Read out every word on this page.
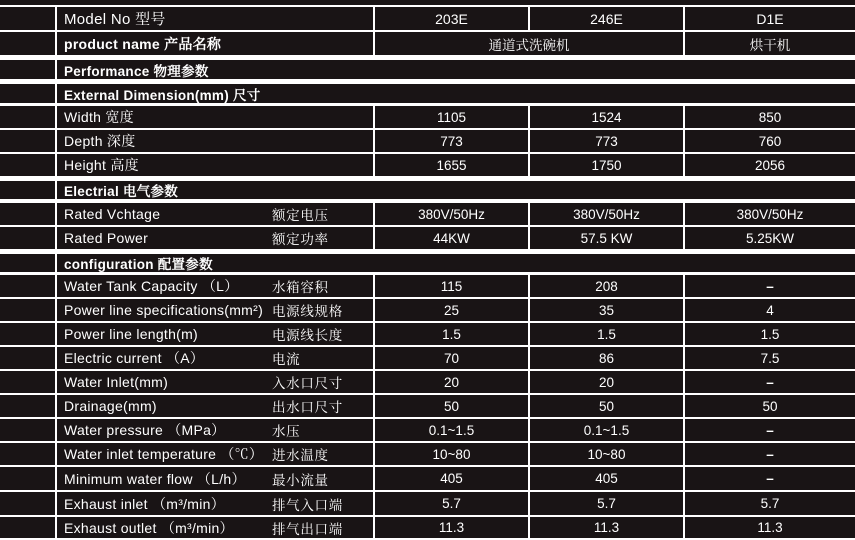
Model No 型号	203E	246E	D1E
product name 产品名称	通道式洗碗机	烘干机
Performance 物理参数
External Dimension(mm) 尺寸
Width 宽度	1105	1524	850
Depth 深度	773	773	760
Height 高度	1655	1750	2056
Electrial 电气参数
Rated Vchtage	额定电压	380V/50Hz	380V/50Hz	380V/50Hz
Rated Power	额定功率	44KW	57.5 KW	5.25KW
configuration 配置参数
Water Tank Capacity （L） 水箱容积	115	208	–
Power line specifications(mm²) 电源线规格	25	35	4
Power line length(m)	电源线长度	1.5	1.5	1.5
Electric current （A）	电流	70	86	7.5
Water Inlet(mm)	入水口尺寸	20	20	–
Drainage(mm)	出水口尺寸	50	50	50
Water pressure （MPa）	水压	0.1~1.5	0.1~1.5	–
Water inlet temperature （℃） 进水温度	10~80	10~80	–
Minimum water flow （L/h） 最小流量	405	405	–
Exhaust inlet （m³/min）	排气入口端	5.7	5.7	5.7
Exhaust outlet （m³/min）	排气出口端	11.3	11.3	11.3
